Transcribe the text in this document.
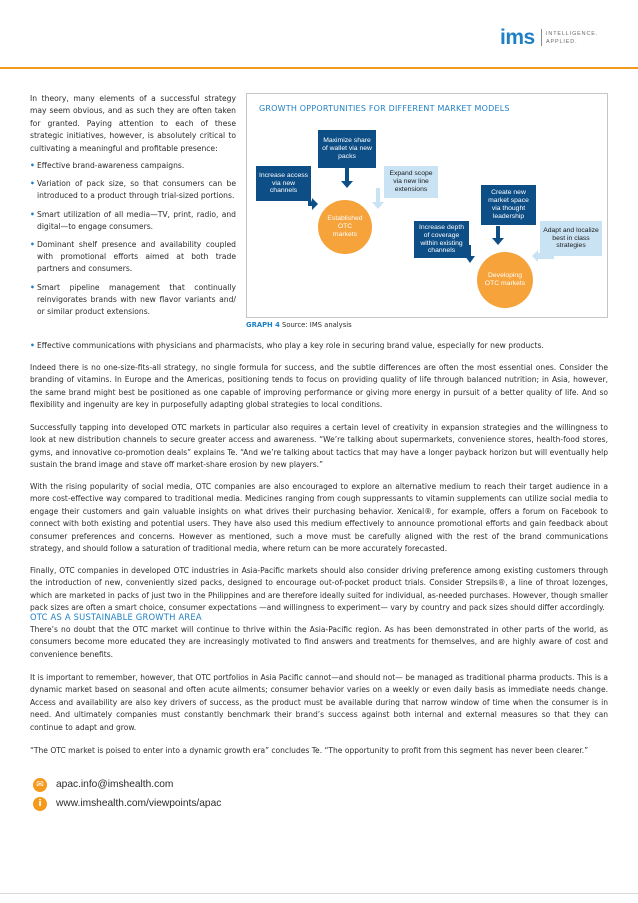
ims INTELLIGENCE.
APPLIED.
In theory, many elements of a successful strategy may seem obvious, and as such they are often taken for granted. Paying attention to each of these strategic initiatives, however, is absolutely critical to cultivating a meaningful and profitable presence:
• Effective brand-awareness campaigns.
• Variation of pack size, so that consumers can be introduced to a product through trial-sized portions.
• Smart utilization of all media—TV, print, radio, and digital—to engage consumers.
• Dominant shelf presence and availability coupled with promotional efforts aimed at both trade partners and consumers.
• Smart pipeline management that continually reinvigorates brands with new flavor variants and/ or similar product extensions.
GROWTH OPPORTUNITIES FOR DIFFERENT MARKET MODELS
Increase access via new channels
Maximize share of wallet via new packs
Expand scope via new line extensions
Increase depth of coverage within existing channels
Create new market space via thought leadership
Adapt and localize best in class strategies
Established OTC markets
Developing OTC markets
GRAPH 4 Source: IMS analysis
• Effective communications with physicians and pharmacists, who play a key role in securing brand value, especially for new products.
Indeed there is no one-size-fits-all strategy, no single formula for success, and the subtle differences are often the most essential ones. Consider the branding of vitamins. In Europe and the Americas, positioning tends to focus on providing quality of life through balanced nutrition; in Asia, however, the same brand might best be positioned as one capable of improving performance or giving more energy in pursuit of a better quality of life. And so flexibility and ingenuity are key in purposefully adapting global strategies to local conditions.
Successfully tapping into developed OTC markets in particular also requires a certain level of creativity in expansion strategies and the willingness to look at new distribution channels to secure greater access and awareness. “We’re talking about supermarkets, convenience stores, health-food stores, gyms, and innovative co-promotion deals” explains Te. “And we’re talking about tactics that may have a longer payback horizon but will eventually help sustain the brand image and stave off market-share erosion by new players.”
With the rising popularity of social media, OTC companies are also encouraged to explore an alternative medium to reach their target audience in a more cost-effective way compared to traditional media. Medicines ranging from cough suppressants to vitamin supplements can utilize social media to engage their customers and gain valuable insights on what drives their purchasing behavior. Xenical®, for example, offers a forum on Facebook to connect with both existing and potential users. They have also used this medium effectively to announce promotional efforts and gain feedback about consumer preferences and concerns. However as mentioned, such a move must be carefully aligned with the rest of the brand communications strategy, and should follow a saturation of traditional media, where return can be more accurately forecasted.
Finally, OTC companies in developed OTC industries in Asia-Pacific markets should also consider driving preference among existing customers through the introduction of new, conveniently sized packs, designed to encourage out-of-pocket product trials. Consider Strepsils®, a line of throat lozenges, which are marketed in packs of just two in the Philippines and are therefore ideally suited for individual, as-needed purchases. However, though smaller pack sizes are often a smart choice, consumer expectations —and willingness to experiment— vary by country and pack sizes should differ accordingly.
OTC AS A SUSTAINABLE GROWTH AREA
There’s no doubt that the OTC market will continue to thrive within the Asia-Pacific region. As has been demonstrated in other parts of the world, as consumers become more educated they are increasingly motivated to find answers and treatments for themselves, and are highly aware of cost and convenience benefits.
It is important to remember, however, that OTC portfolios in Asia Pacific cannot—and should not— be managed as traditional pharma products. This is a dynamic market based on seasonal and often acute ailments; consumer behavior varies on a weekly or even daily basis as immediate needs change. Access and availability are also key drivers of success, as the product must be available during that narrow window of time when the consumer is in need. And ultimately companies must constantly benchmark their brand’s success against both internal and external measures so that they can continue to adapt and grow.
“The OTC market is poised to enter into a dynamic growth era” concludes Te. “The opportunity to profit from this segment has never been clearer.”
✉	apac.info@imshealth.com
i	www.imshealth.com/viewpoints/apac
